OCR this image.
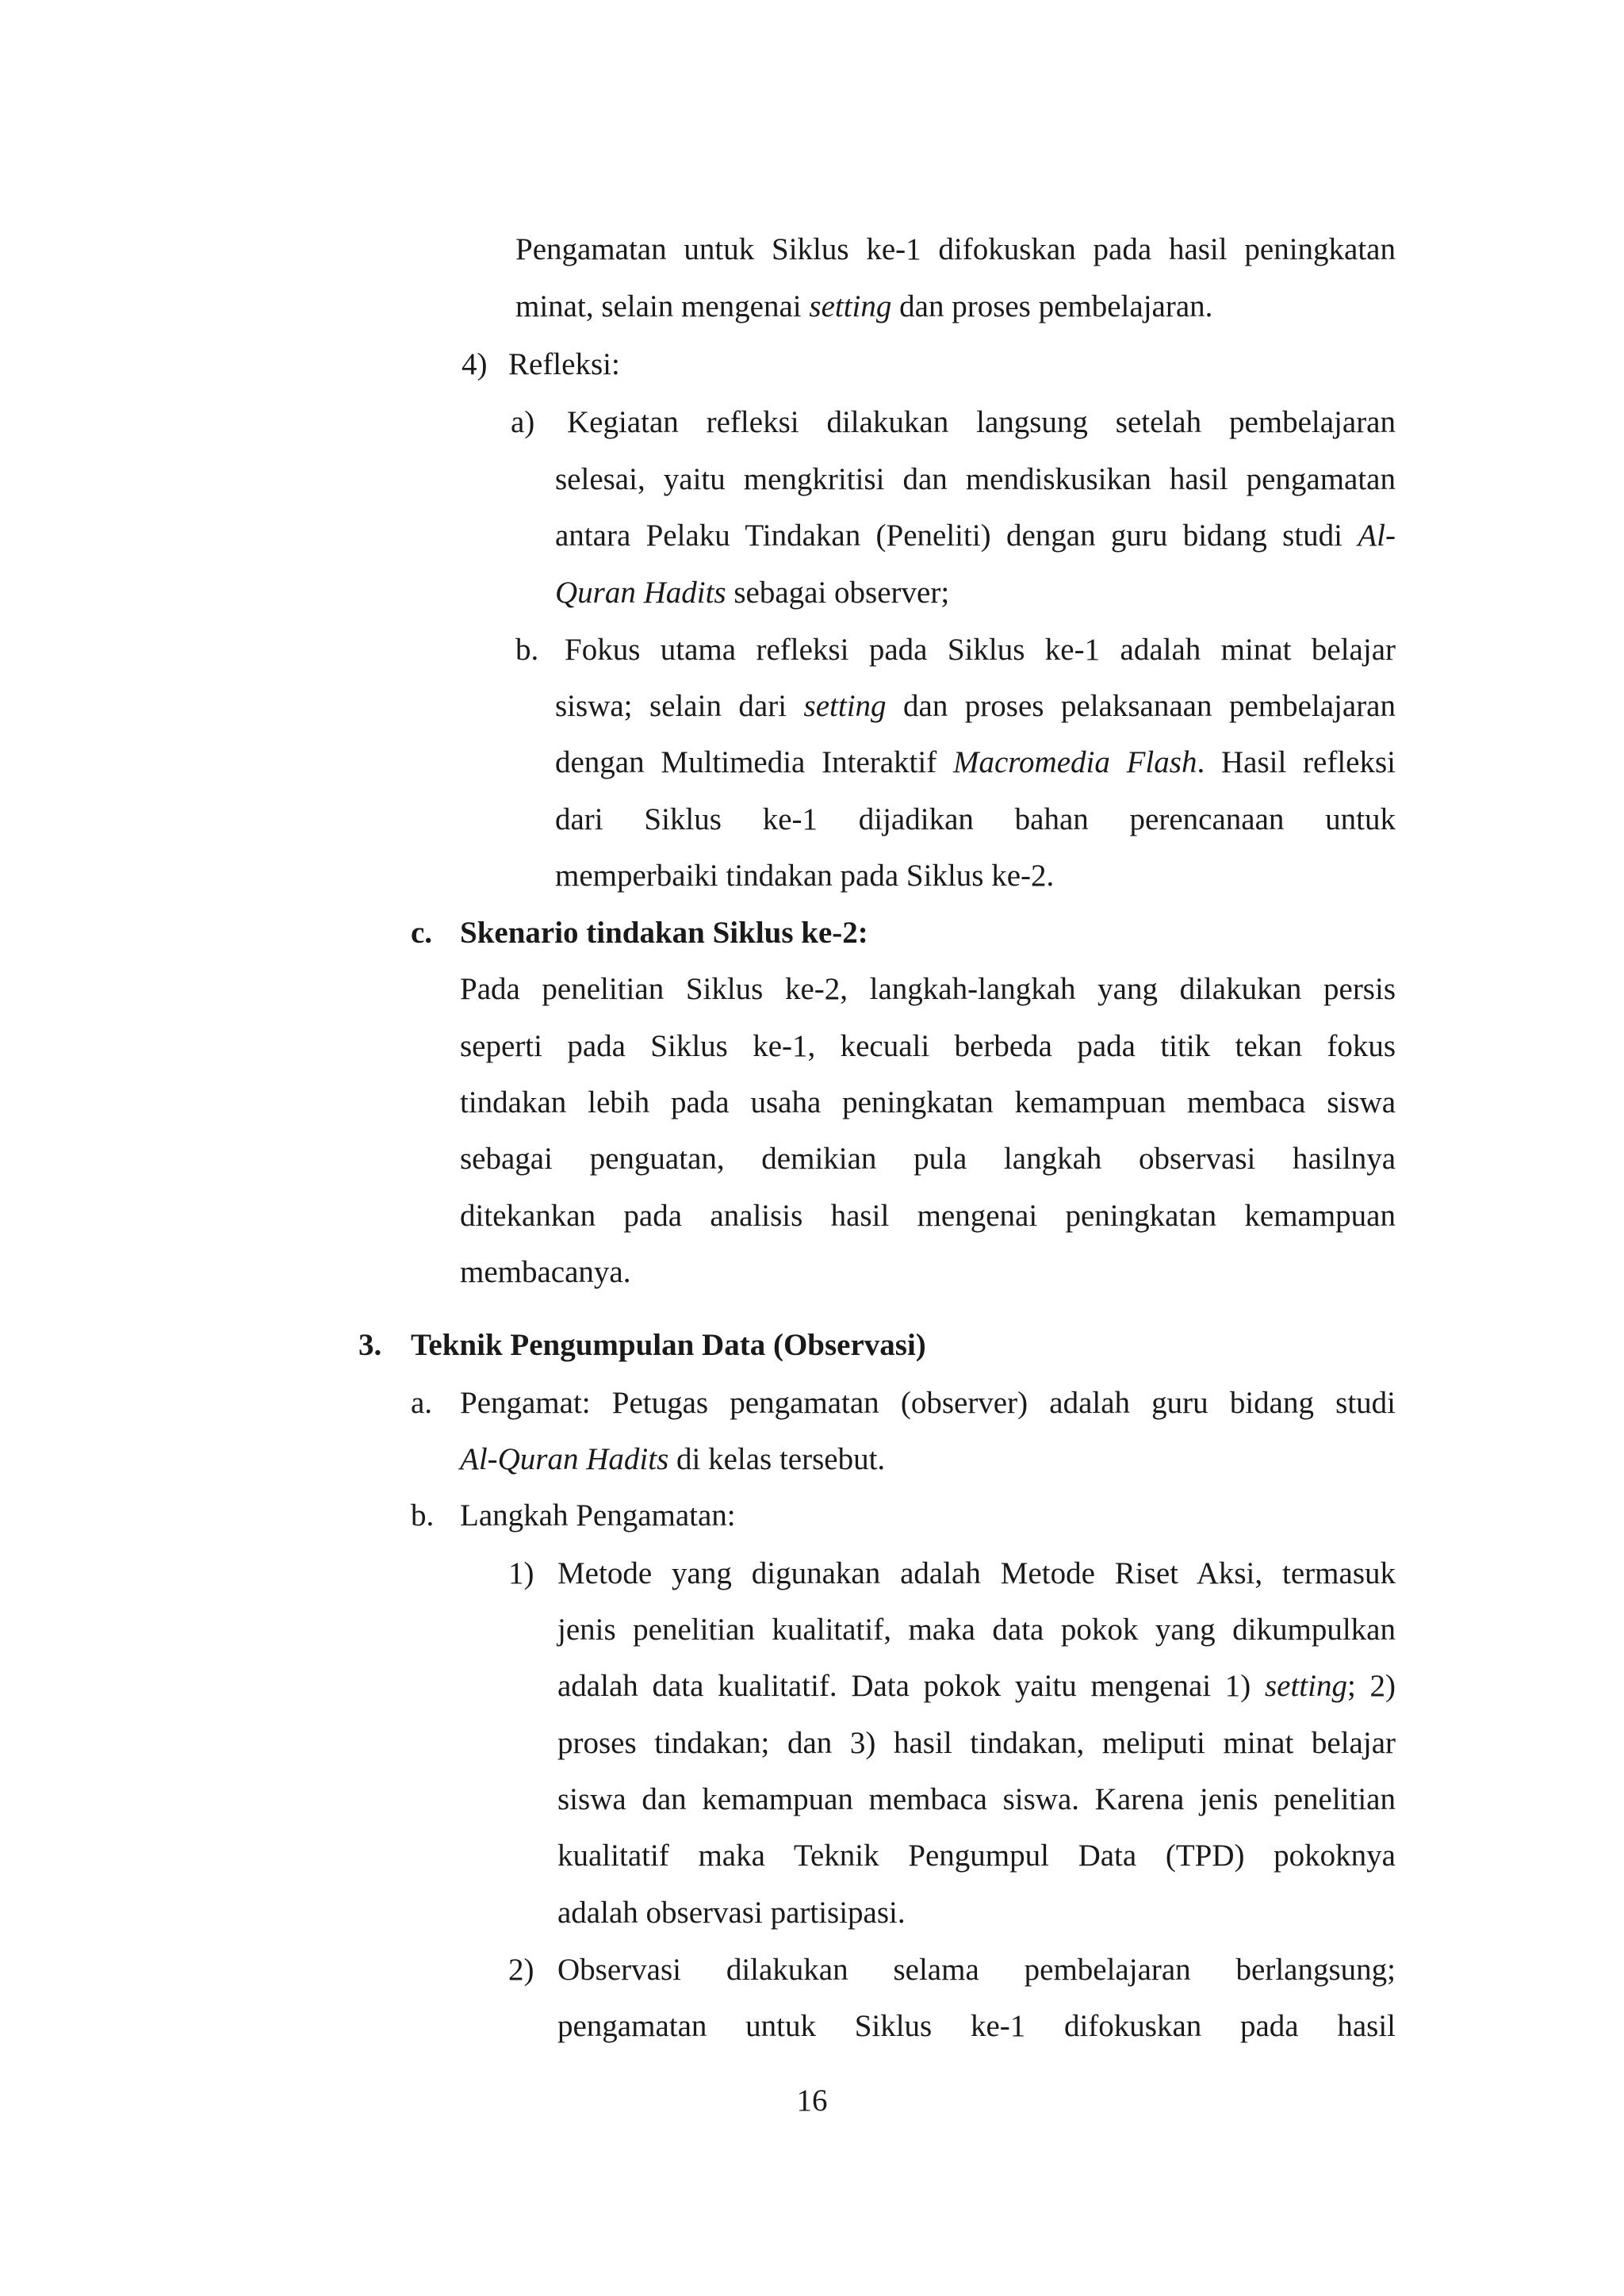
Pengamatan untuk Siklus ke-1 difokuskan pada hasil peningkatan
minat, selain mengenai setting dan proses pembelajaran.
4) Refleksi:
a) Kegiatan refleksi dilakukan langsung setelah pembelajaran
selesai, yaitu mengkritisi dan mendiskusikan hasil pengamatan
antara Pelaku Tindakan (Peneliti) dengan guru bidang studi Al-
Quran Hadits sebagai observer;
b. Fokus utama refleksi pada Siklus ke-1 adalah minat belajar
siswa; selain dari setting dan proses pelaksanaan pembelajaran
dengan Multimedia Interaktif Macromedia Flash. Hasil refleksi
dari Siklus ke-1 dijadikan bahan perencanaan untuk
memperbaiki tindakan pada Siklus ke-2.
c. Skenario tindakan Siklus ke-2:
Pada penelitian Siklus ke-2, langkah-langkah yang dilakukan persis
seperti pada Siklus ke-1, kecuali berbeda pada titik tekan fokus
tindakan lebih pada usaha peningkatan kemampuan membaca siswa
sebagai penguatan, demikian pula langkah observasi hasilnya
ditekankan pada analisis hasil mengenai peningkatan kemampuan
membacanya.
3. Teknik Pengumpulan Data (Observasi)
a. Pengamat: Petugas pengamatan (observer) adalah guru bidang studi
Al-Quran Hadits di kelas tersebut.
b. Langkah Pengamatan:
1) Metode yang digunakan adalah Metode Riset Aksi, termasuk
jenis penelitian kualitatif, maka data pokok yang dikumpulkan
adalah data kualitatif. Data pokok yaitu mengenai 1) setting; 2)
proses tindakan; dan 3) hasil tindakan, meliputi minat belajar
siswa dan kemampuan membaca siswa. Karena jenis penelitian
kualitatif maka Teknik Pengumpul Data (TPD) pokoknya
adalah observasi partisipasi.
2) Observasi dilakukan selama pembelajaran berlangsung;
pengamatan untuk Siklus ke-1 difokuskan pada hasil
16
